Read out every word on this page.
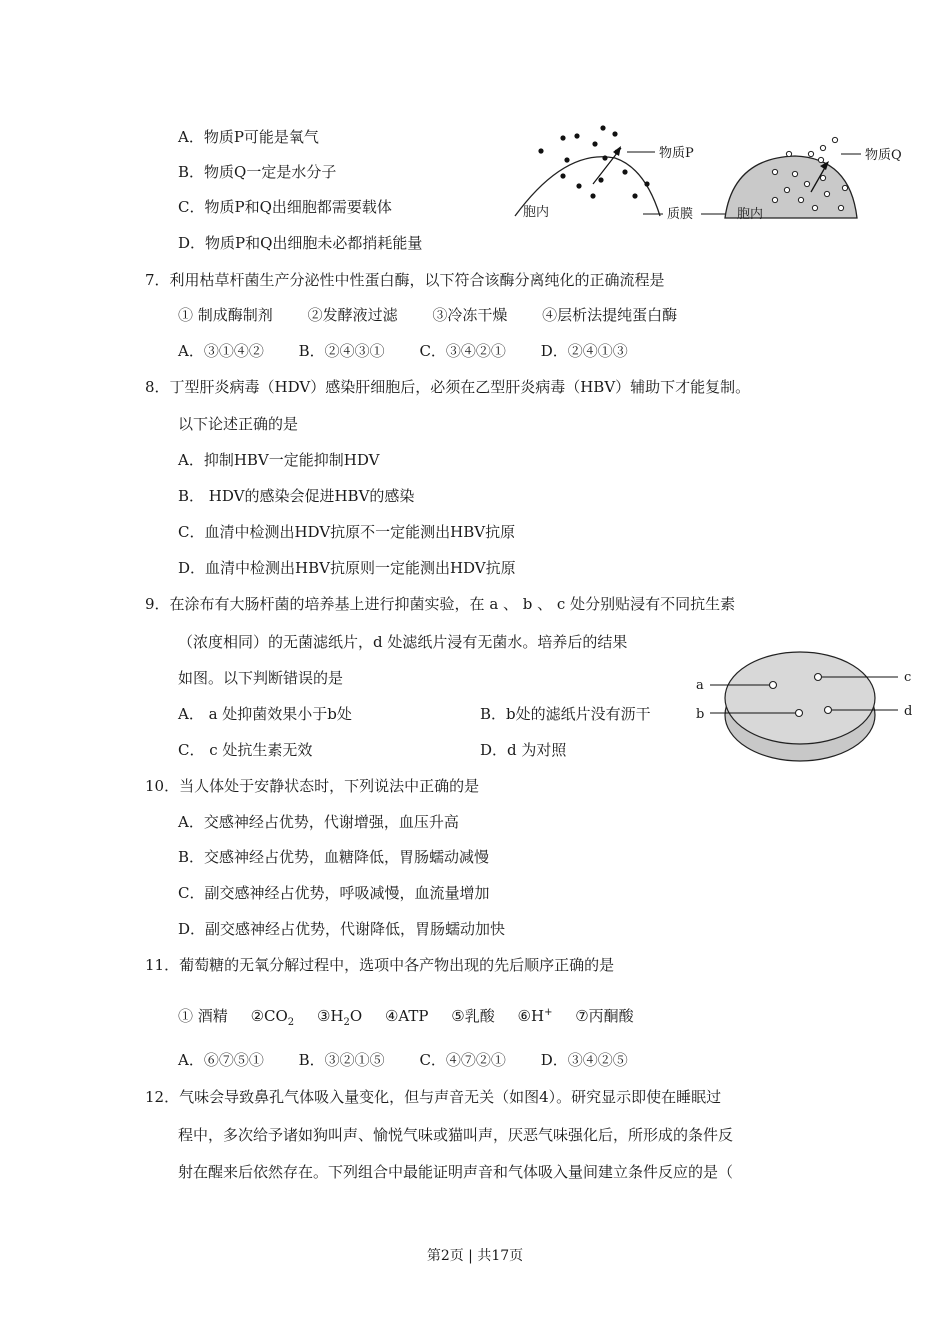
A．物质P可能是氧气
B．物质Q一定是水分子
C．物质P和Q出细胞都需要载体
D．物质P和Q出细胞未必都捎耗能量
物质P
胞内	质膜
物质Q
胞内
7．利用枯草杆菌生产分泌性中性蛋白酶，以下符合该酶分离纯化的正确流程是
① 制成酶制剂 ②发酵液过滤 ③冷冻干燥 ④层析法提纯蛋白酶
A．③①④② B．②④③① C．③④②① D．②④①③
8．丁型肝炎病毒（HDV）感染肝细胞后，必须在乙型肝炎病毒（HBV）辅助下才能复制。
以下论述正确的是
A．抑制HBV一定能抑制HDV
B． HDV的感染会促进HBV的感染
C．血清中检测出HDV抗原不一定能测出HBV抗原
D．血清中检测出HBV抗原则一定能测出HDV抗原
9．在涂布有大肠杆菌的培养基上进行抑菌实验，在 a 、 b 、 c 处分别贴浸有不同抗生素
（浓度相同）的无菌滤纸片，d 处滤纸片浸有无菌水。培养后的结果
如图。以下判断错误的是
A． a 处抑菌效果小于b处	B．b处的滤纸片没有沥干
C． c 处抗生素无效	D．d 为对照
a
c
b	d
10．当人体处于安静状态时，下列说法中正确的是
A．交感神经占优势，代谢增强，血压升高
B．交感神经占优势，血糖降低，胃肠蠕动减慢
C．副交感神经占优势，呼吸减慢，血流量增加
D．副交感神经占优势，代谢降低，胃肠蠕动加快
11．葡萄糖的无氧分解过程中，选项中各产物出现的先后顺序正确的是
① 酒精 $②CO_2$ $③H_2O$ ④ATP ⑤乳酸 ⑥H+ ⑦丙酮酸
A．⑥⑦⑤① B．③②①⑤ C．④⑦②① D．③④②⑤
12．气味会导致鼻孔气体吸入量变化，但与声音无关（如图4）。研究显示即使在睡眠过
程中，多次给予诸如狗叫声、愉悦气味或猫叫声，厌恶气味强化后，所形成的条件反
射在醒来后依然存在。下列组合中最能证明声音和气体吸入量间建立条件反应的是（
第2页 | 共17页
